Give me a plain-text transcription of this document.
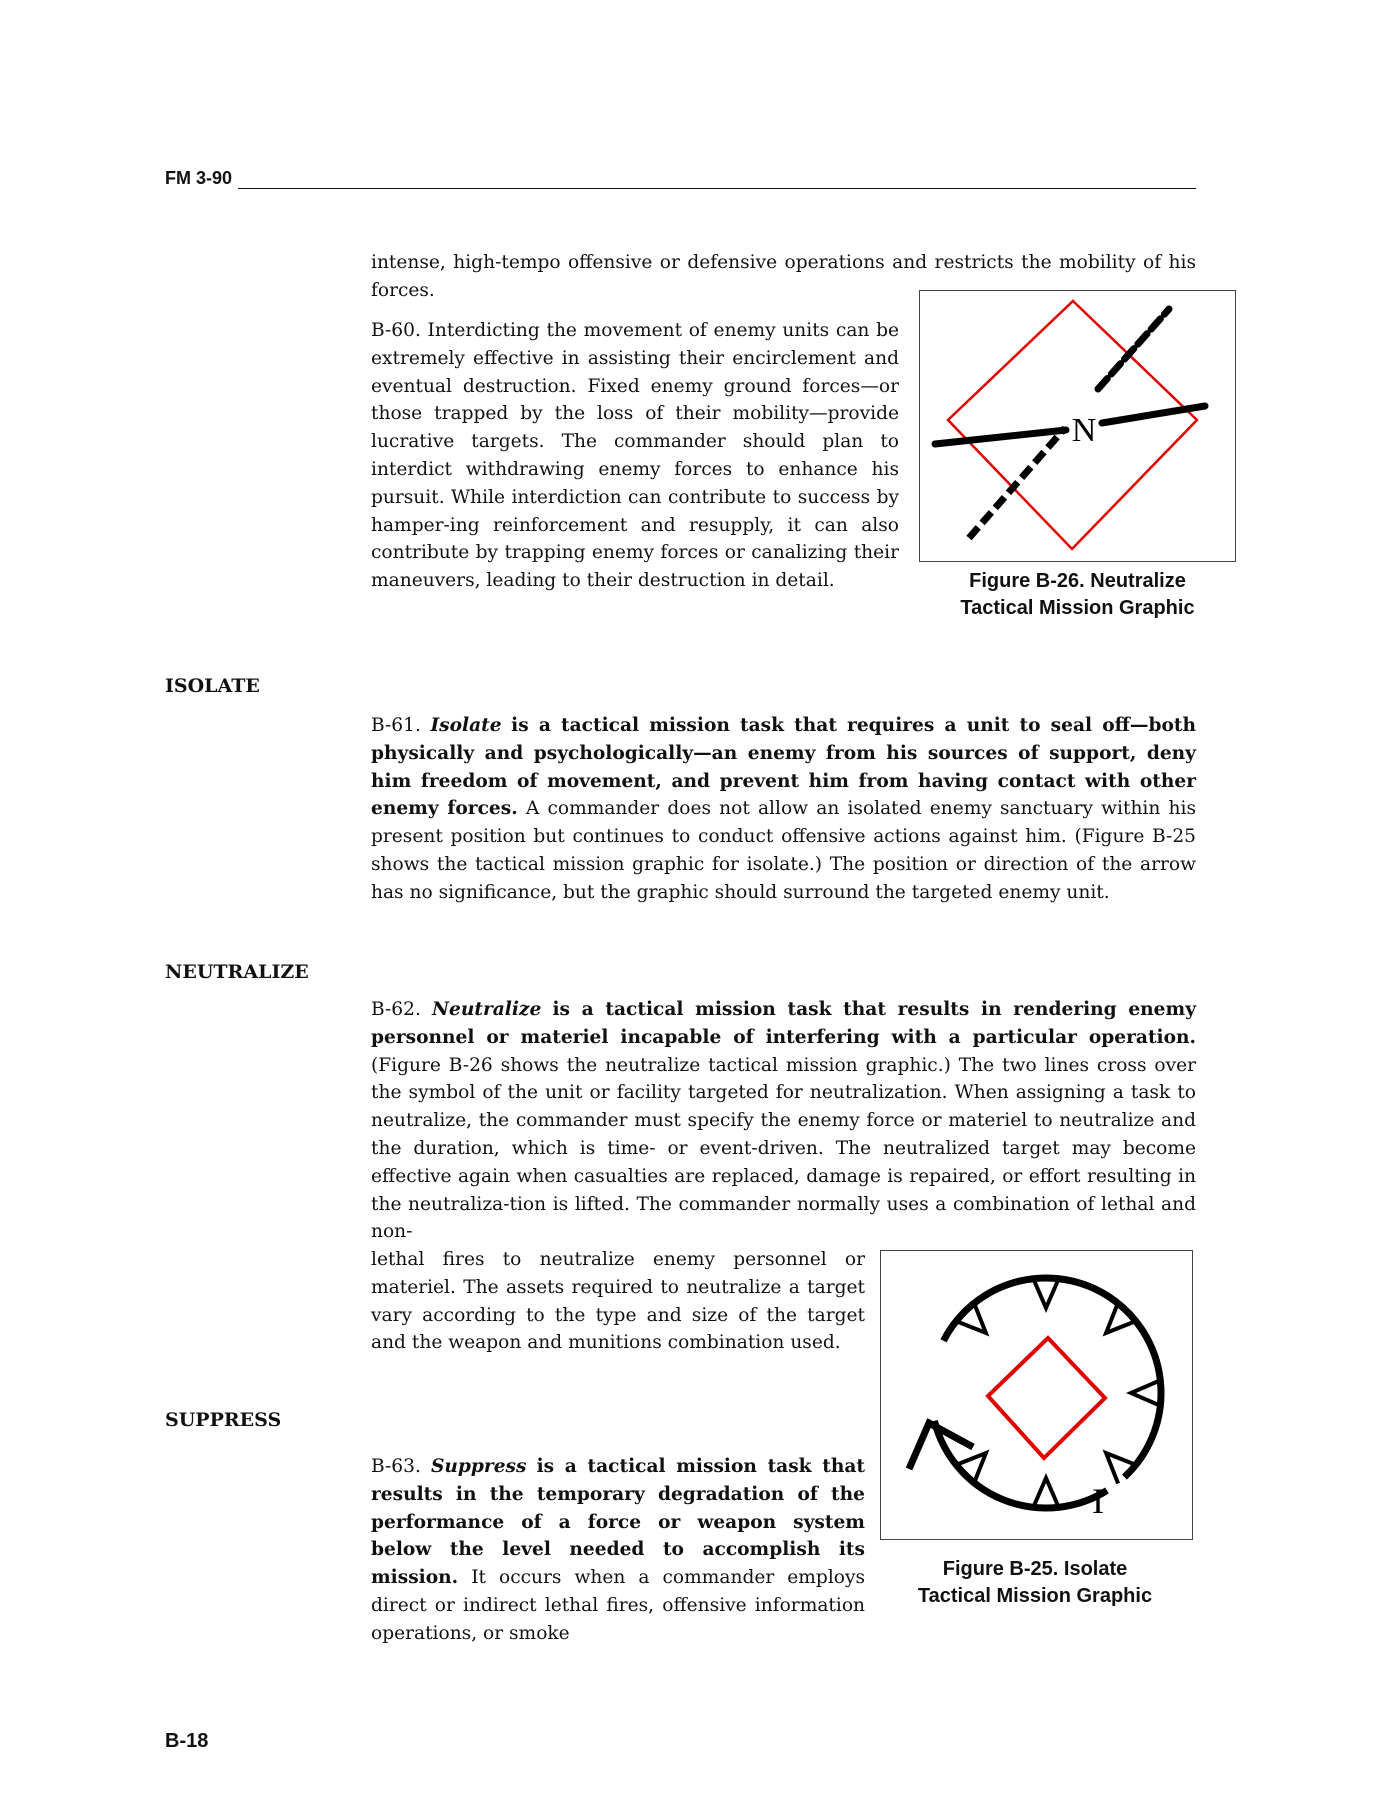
FM 3-90
intense, high-tempo offensive or defensive operations and restricts the mobility of his forces.
B-60. Interdicting the movement of enemy units can be extremely effective in assisting their encirclement and eventual destruction. Fixed enemy ground forces—or those trapped by the loss of their mobility—provide lucrative targets. The commander should plan to interdict withdrawing enemy forces to enhance his pursuit. While interdiction can contribute to success by hamper-ing reinforcement and resupply, it can also contribute by trapping enemy forces or canalizing their maneuvers, leading to their destruction in detail.
N
Figure B-26. Neutralize
Tactical Mission Graphic
ISOLATE
B-61. Isolate is a tactical mission task that requires a unit to seal off—both physically and psychologically—an enemy from his sources of support, deny him freedom of movement, and prevent him from having contact with other enemy forces. A commander does not allow an isolated enemy sanctuary within his present position but continues to conduct offensive actions against him. (Figure B-25 shows the tactical mission graphic for isolate.) The position or direction of the arrow has no significance, but the graphic should surround the targeted enemy unit.
NEUTRALIZE
B-62. Neutralize is a tactical mission task that results in rendering enemy personnel or materiel incapable of interfering with a particular operation. (Figure B-26 shows the neutralize tactical mission graphic.) The two lines cross over the symbol of the unit or facility targeted for neutralization. When assigning a task to neutralize, the commander must specify the enemy force or materiel to neutralize and the duration, which is time- or event-driven. The neutralized target may become effective again when casualties are replaced, damage is repaired, or effort resulting in the neutraliza-tion is lifted. The commander normally uses a combination of lethal and non-
lethal fires to neutralize enemy personnel or materiel. The assets required to neutralize a target vary according to the type and size of the target and the weapon and munitions combination used.
I
Figure B-25. Isolate
Tactical Mission Graphic
SUPPRESS
B-63. Suppress is a tactical mission task that results in the temporary degradation of the performance of a force or weapon system below the level needed to accomplish its mission. It occurs when a commander employs direct or indirect lethal fires, offensive information operations, or smoke
B-18
